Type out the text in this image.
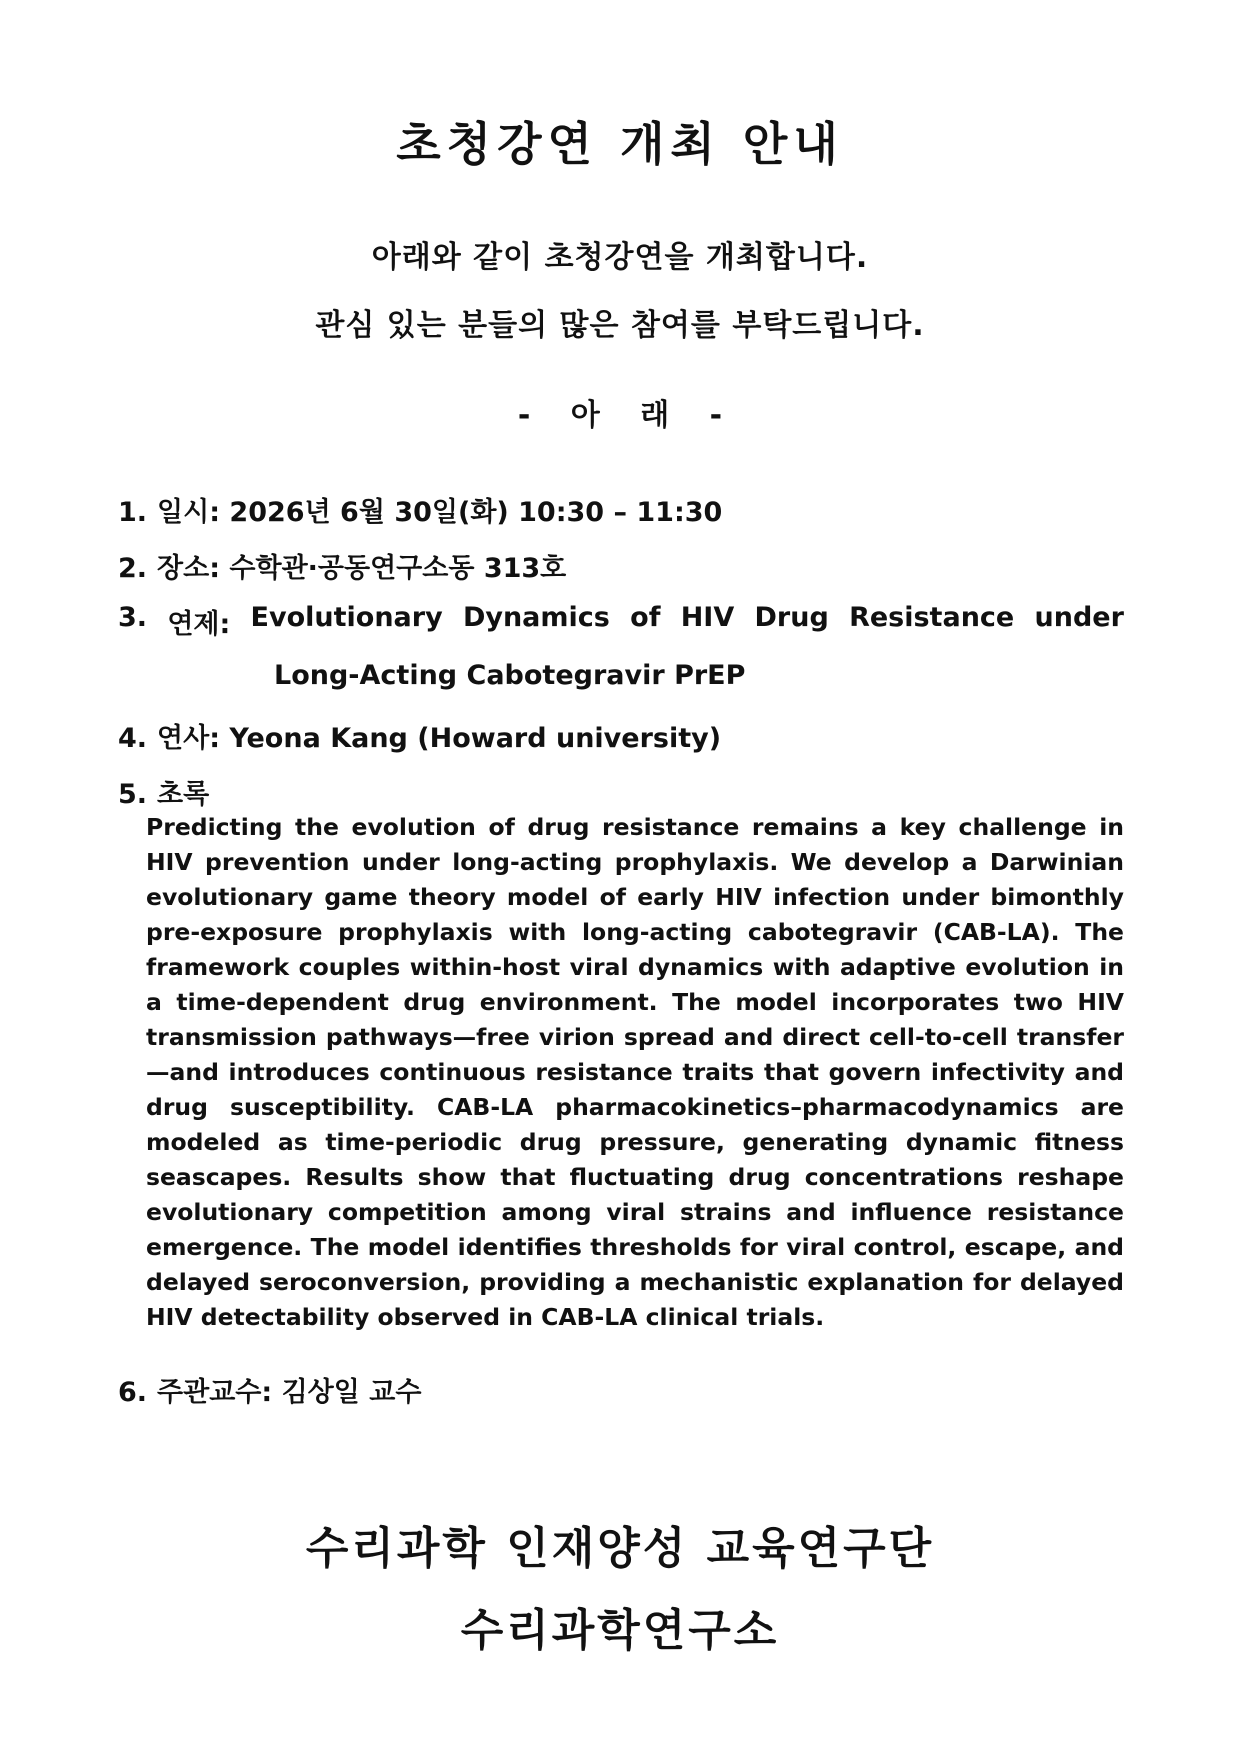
초청강연 개최 안내
아래와 같이 초청강연을 개최합니다.
관심 있는 분들의 많은 참여를 부탁드립니다.
- 아 래 -
1. 일시: 2026년 6월 30일(화) 10:30 – 11:30
2. 장소: 수학관·공동연구소동 313호
3. 연제: Evolutionary Dynamics of HIV Drug Resistance under
Long-Acting Cabotegravir PrEP
4. 연사: Yeona Kang (Howard university)
5. 초록
Predicting the evolution of drug resistance remains a key challenge in HIV prevention under long-acting prophylaxis. We develop a Darwinian evolutionary game theory model of early HIV infection under bimonthly pre-exposure prophylaxis with long-acting cabotegravir (CAB-LA). The framework couples within-host viral dynamics with adaptive evolution in a time-dependent drug environment. The model incorporates two HIV transmission pathways—free virion spread and direct cell-to-cell transfer—and introduces continuous resistance traits that govern infectivity and drug susceptibility. CAB-LA pharmacokinetics–pharmacodynamics are modeled as time-periodic drug pressure, generating dynamic fitness seascapes. Results show that fluctuating drug concentrations reshape evolutionary competition among viral strains and influence resistance emergence. The model identifies thresholds for viral control, escape, and delayed seroconversion, providing a mechanistic explanation for delayed HIV detectability observed in CAB-LA clinical trials.
6. 주관교수: 김상일 교수
수리과학 인재양성 교육연구단
수리과학연구소
